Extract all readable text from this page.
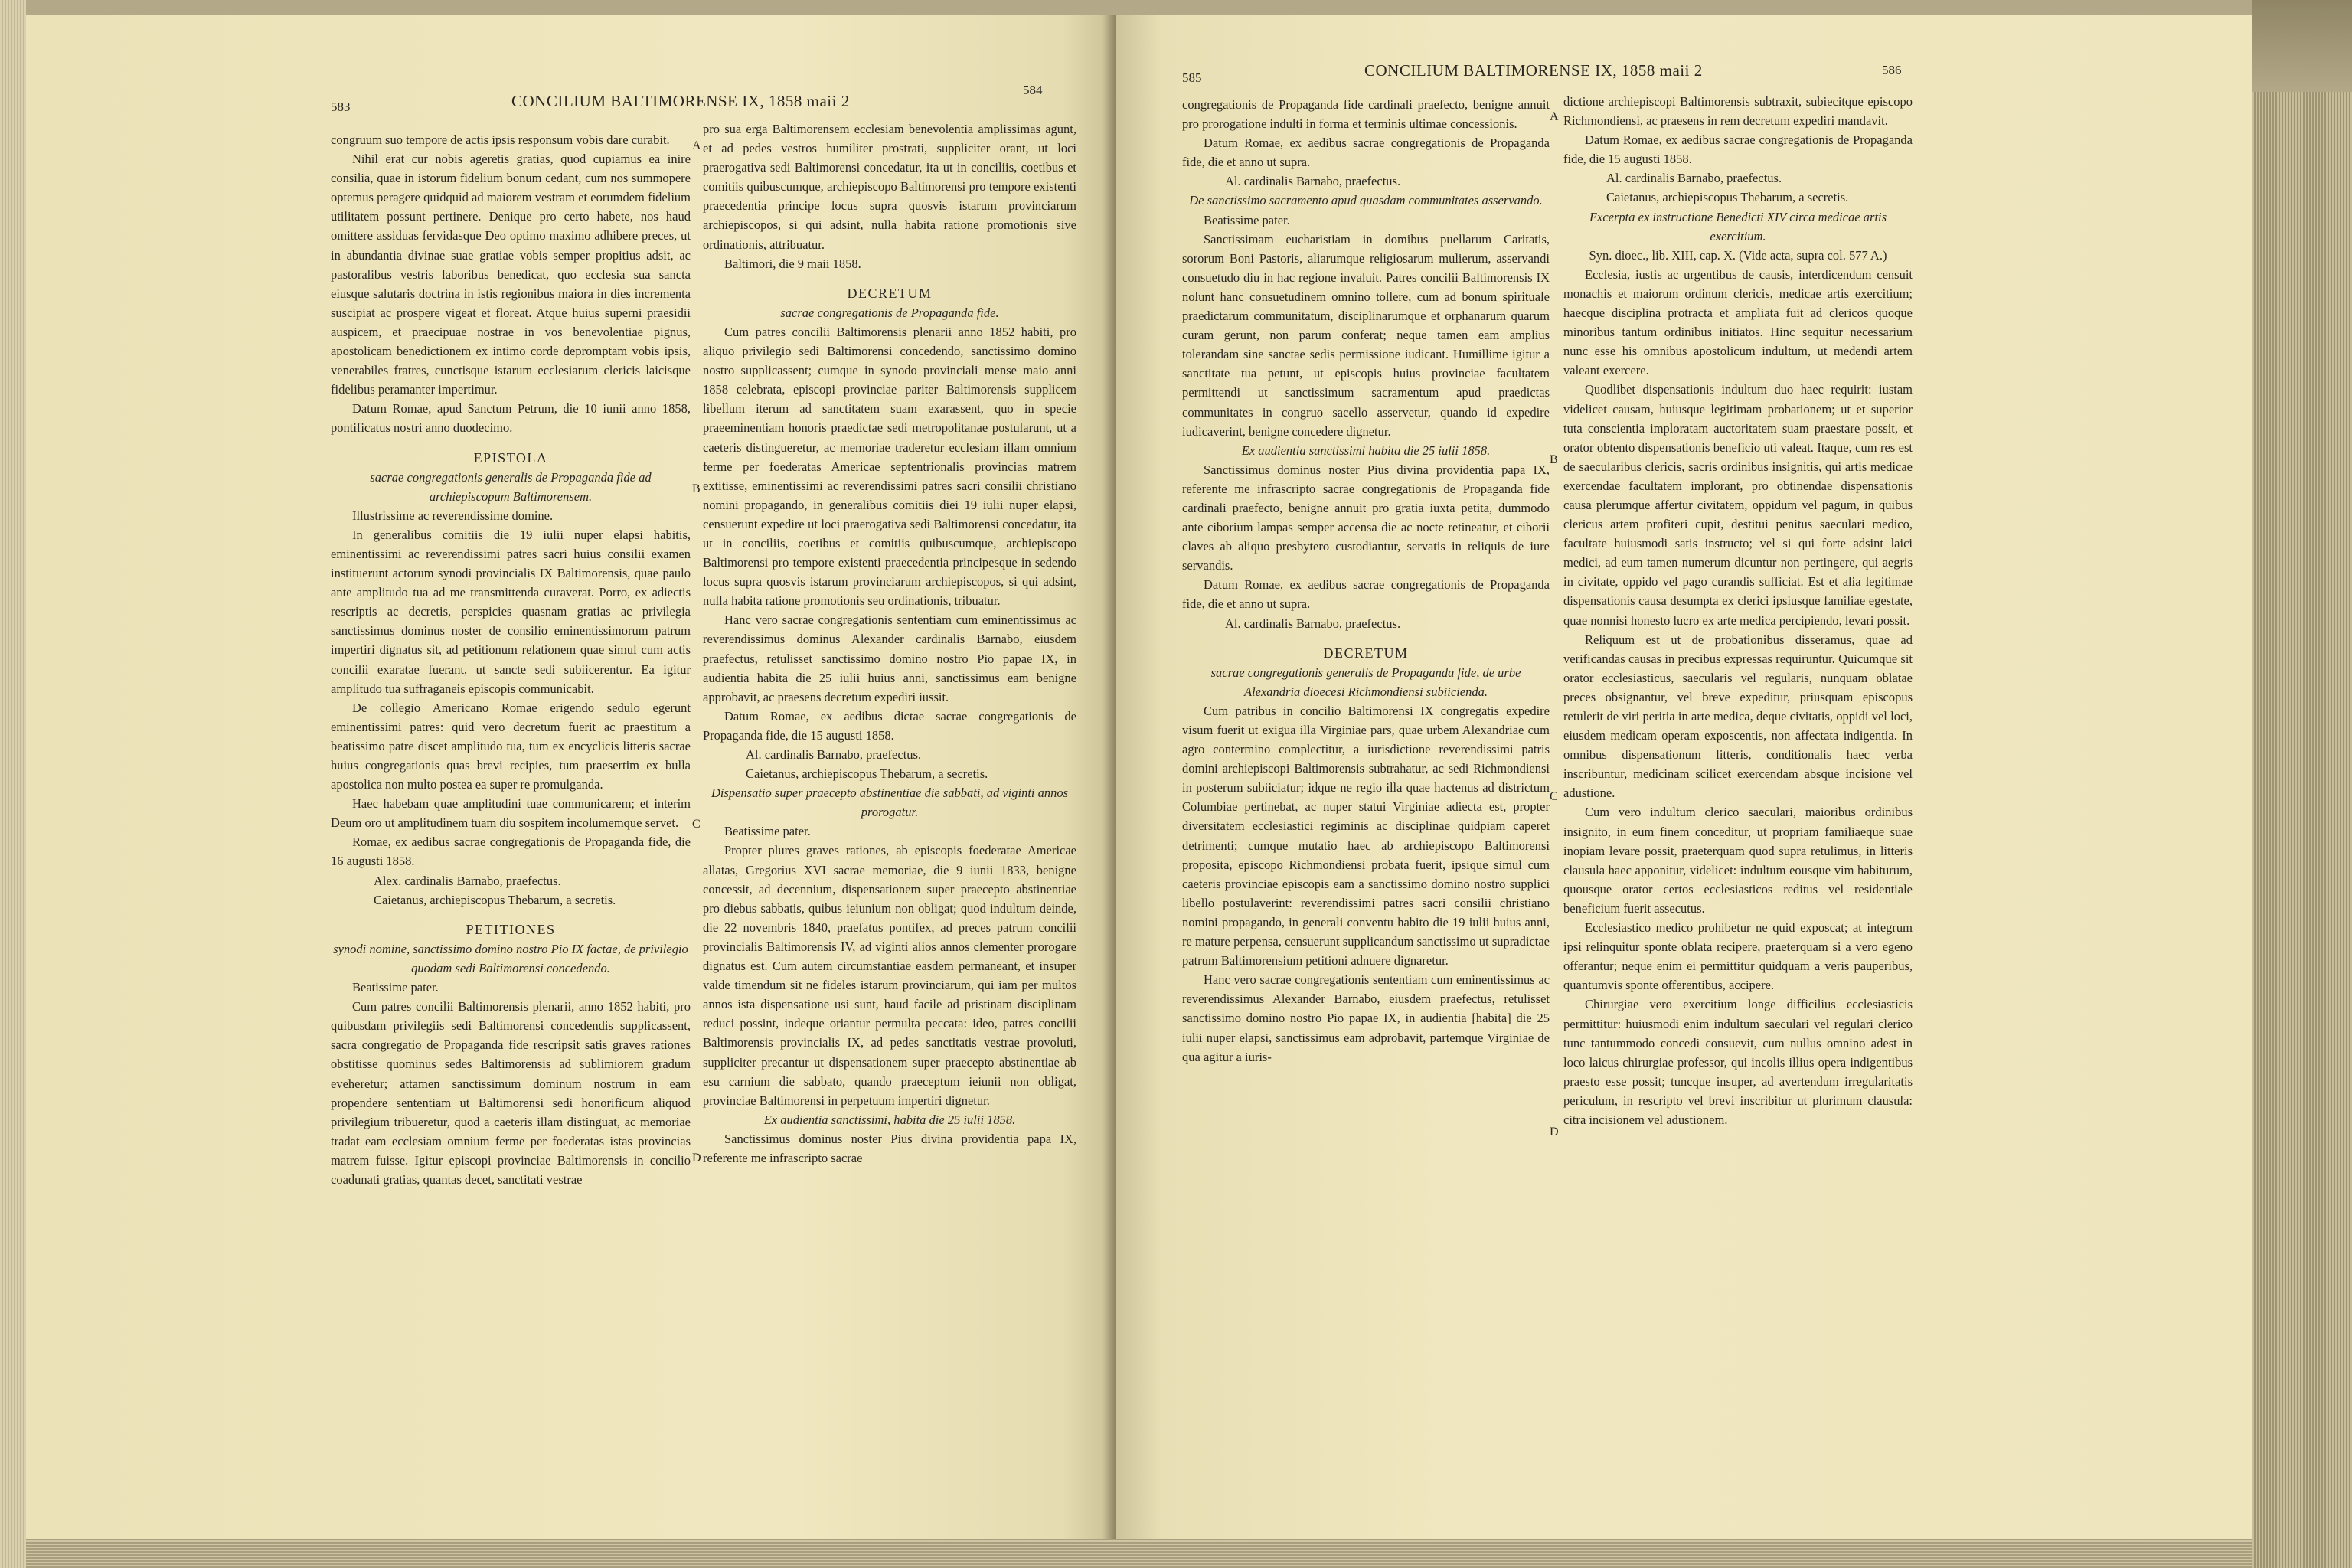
583	CONCILIUM BALTIMORENSE IX, 1858 maii 2
584

congruum suo tempore de actis ipsis responsum vobis dare curabit.

Nihil erat cur nobis ageretis gratias, quod cupiamus ea inire consilia, quae in istorum fidelium bonum cedant, cum nos summopere optemus peragere quidquid ad maiorem vestram et eorumdem fidelium utilitatem possunt pertinere. Denique pro certo habete, nos haud omittere assiduas fervidasque Deo optimo maximo adhibere preces, ut in abundantia divinae suae gratiae vobis semper propitius adsit, ac pastoralibus vestris laboribus benedicat, quo ecclesia sua sancta eiusque salutaris doctrina in istis regionibus maiora in dies incrementa suscipiat ac prospere vigeat et floreat. Atque huius superni praesidii auspicem, et praecipuae nostrae in vos benevolentiae pignus, apostolicam benedictionem ex intimo corde depromptam vobis ipsis, venerabiles fratres, cunctisque istarum ecclesiarum clericis laicisque fidelibus peramanter impertimur.

Datum Romae, apud Sanctum Petrum, die 10 iunii anno 1858, pontificatus nostri anno duodecimo.

EPISTOLA

sacrae congregationis generalis de Propaganda fide ad archiepiscopum Baltimorensem.

Illustrissime ac reverendissime domine.

In generalibus comitiis die 19 iulii nuper elapsi habitis, eminentissimi ac reverendissimi patres sacri huius consilii examen instituerunt actorum synodi provincialis IX Baltimorensis, quae paulo ante amplitudo tua ad me transmittenda curaverat. Porro, ex adiectis rescriptis ac decretis, perspicies quasnam gratias ac privilegia sanctissimus dominus noster de consilio eminentissimorum patrum impertiri dignatus sit, ad petitionum relationem quae simul cum actis concilii exaratae fuerant, ut sancte sedi subiicerentur. Ea igitur amplitudo tua suffraganeis episcopis communicabit.

De collegio Americano Romae erigendo sedulo egerunt eminentissimi patres: quid vero decretum fuerit ac praestitum a beatissimo patre discet amplitudo tua, tum ex encyclicis litteris sacrae huius congregationis quas brevi recipies, tum praesertim ex bulla apostolica non multo postea ea super re promulganda.

Haec habebam quae amplitudini tuae communicarem; et interim Deum oro ut amplitudinem tuam diu sospitem incolumemque servet.

Romae, ex aedibus sacrae congregationis de Propaganda fide, die 16 augusti 1858.

Alex. cardinalis Barnabo, praefectus.

Caietanus, archiepiscopus Thebarum, a secretis.

PETITIONES

synodi nomine, sanctissimo domino nostro Pio IX factae, de privilegio quodam sedi Baltimorensi concedendo.

Beatissime pater.

Cum patres concilii Baltimorensis plenarii, anno 1852 habiti, pro quibusdam privilegiis sedi Baltimorensi concedendis supplicassent, sacra congregatio de Propaganda fide rescripsit satis graves rationes obstitisse quominus sedes Baltimorensis ad sublimiorem gradum eveheretur; attamen sanctissimum dominum nostrum in eam propendere sententiam ut Baltimorensi sedi honorificum aliquod privilegium tribueretur, quod a caeteris illam distinguat, ac memoriae tradat eam ecclesiam omnium ferme per foederatas istas provincias matrem fuisse. Igitur episcopi provinciae Baltimorensis in concilio coadunati gratias, quantas decet, sanctitati vestrae

pro sua erga Baltimorensem ecclesiam benevolentia amplissimas agunt, et ad pedes vestros humiliter prostrati, suppliciter orant, ut loci praerogativa sedi Baltimorensi concedatur, ita ut in conciliis, coetibus et comitiis quibuscumque, archiepiscopo Baltimorensi pro tempore existenti praecedentia principe locus supra quosvis istarum provinciarum archiepiscopos, si qui adsint, nulla habita ratione promotionis sive ordinationis, attribuatur.

Baltimori, die 9 maii 1858.

DECRETUM

sacrae congregationis de Propaganda fide.

Cum patres concilii Baltimorensis plenarii anno 1852 habiti, pro aliquo privilegio sedi Baltimorensi concedendo, sanctissimo domino nostro supplicassent; cumque in synodo provinciali mense maio anni 1858 celebrata, episcopi provinciae pariter Baltimorensis supplicem libellum iterum ad sanctitatem suam exarassent, quo in specie praeeminentiam honoris praedictae sedi metropolitanae postularunt, ut a caeteris distingueretur, ac memoriae traderetur ecclesiam illam omnium ferme per foederatas Americae septentrionalis provincias matrem extitisse, eminentissimi ac reverendissimi patres sacri consilii christiano nomini propagando, in generalibus comitiis diei 19 iulii nuper elapsi, censuerunt expedire ut loci praerogativa sedi Baltimorensi concedatur, ita ut in conciliis, coetibus et comitiis quibuscumque, archiepiscopo Baltimorensi pro tempore existenti praecedentia principesque in sedendo locus supra quosvis istarum provinciarum archiepiscopos, si qui adsint, nulla habita ratione promotionis seu ordinationis, tribuatur.

Hanc vero sacrae congregationis sententiam cum eminentissimus ac reverendissimus dominus Alexander cardinalis Barnabo, eiusdem praefectus, retulisset sanctissimo domino nostro Pio papae IX, in audientia habita die 25 iulii huius anni, sanctissimus eam benigne approbavit, ac praesens decretum expediri iussit.

Datum Romae, ex aedibus dictae sacrae congregationis de Propaganda fide, die 15 augusti 1858.

Al. cardinalis Barnabo, praefectus.

Caietanus, archiepiscopus Thebarum, a secretis.

Dispensatio super praecepto abstinentiae die sabbati, ad viginti annos prorogatur.

Beatissime pater.

Propter plures graves rationes, ab episcopis foederatae Americae allatas, Gregorius XVI sacrae memoriae, die 9 iunii 1833, benigne concessit, ad decennium, dispensationem super praecepto abstinentiae pro diebus sabbatis, quibus ieiunium non obligat; quod indultum deinde, die 22 novembris 1840, praefatus pontifex, ad preces patrum concilii provincialis Baltimorensis IV, ad viginti alios annos clementer prorogare dignatus est. Cum autem circumstantiae easdem permaneant, et insuper valde timendum sit ne fideles istarum provinciarum, qui iam per multos annos ista dispensatione usi sunt, haud facile ad pristinam disciplinam reduci possint, indeque oriantur permulta peccata: ideo, patres concilii Baltimorensis provincialis IX, ad pedes sanctitatis vestrae provoluti, suppliciter precantur ut dispensationem super praecepto abstinentiae ab esu carnium die sabbato, quando praeceptum ieiunii non obligat, provinciae Baltimorensi in perpetuum impertiri dignetur.

Ex audientia sanctissimi, habita die 25 iulii 1858.

Sanctissimus dominus noster Pius divina providentia papa IX, referente me infrascripto sacrae

A
B
C
D
585	CONCILIUM BALTIMORENSE IX, 1858 maii 2	586

congregationis de Propaganda fide cardinali praefecto, benigne annuit pro prorogatione indulti in forma et terminis ultimae concessionis.

Datum Romae, ex aedibus sacrae congregationis de Propaganda fide, die et anno ut supra.

Al. cardinalis Barnabo, praefectus.

De sanctissimo sacramento apud quasdam communitates asservando.

Beatissime pater.

Sanctissimam eucharistiam in domibus puellarum Caritatis, sororum Boni Pastoris, aliarumque religiosarum mulierum, asservandi consuetudo diu in hac regione invaluit. Patres concilii Baltimorensis IX nolunt hanc consuetudinem omnino tollere, cum ad bonum spirituale praedictarum communitatum, disciplinarumque et orphanarum quarum curam gerunt, non parum conferat; neque tamen eam amplius tolerandam sine sanctae sedis permissione iudicant. Humillime igitur a sanctitate tua petunt, ut episcopis huius provinciae facultatem permittendi ut sanctissimum sacramentum apud praedictas communitates in congruo sacello asservetur, quando id expedire iudicaverint, benigne concedere dignetur.

Ex audientia sanctissimi habita die 25 iulii 1858.

Sanctissimus dominus noster Pius divina providentia papa IX, referente me infrascripto sacrae congregationis de Propaganda fide cardinali praefecto, benigne annuit pro gratia iuxta petita, dummodo ante ciborium lampas semper accensa die ac nocte retineatur, et ciborii claves ab aliquo presbytero custodiantur, servatis in reliquis de iure servandis.

Datum Romae, ex aedibus sacrae congregationis de Propaganda fide, die et anno ut supra.

Al. cardinalis Barnabo, praefectus.

DECRETUM

sacrae congregationis generalis de Propaganda fide, de urbe Alexandria dioecesi Richmondiensi subiicienda.

Cum patribus in concilio Baltimorensi IX congregatis expedire visum fuerit ut exigua illa Virginiae pars, quae urbem Alexandriae cum agro contermino complectitur, a iurisdictione reverendissimi patris domini archiepiscopi Baltimorensis subtrahatur, ac sedi Richmondiensi in posterum subiiciatur; idque ne regio illa quae hactenus ad districtum Columbiae pertinebat, ac nuper statui Virginiae adiecta est, propter diversitatem ecclesiastici regiminis ac disciplinae quidpiam caperet detrimenti; cumque mutatio haec ab archiepiscopo Baltimorensi proposita, episcopo Richmondiensi probata fuerit, ipsique simul cum caeteris provinciae episcopis eam a sanctissimo domino nostro supplici libello postulaverint: reverendissimi patres sacri consilii christiano nomini propagando, in generali conventu habito die 19 iulii huius anni, re mature perpensa, censuerunt supplicandum sanctissimo ut supradictae patrum Baltimorensium petitioni adnuere dignaretur.

Hanc vero sacrae congregationis sententiam cum eminentissimus ac reverendissimus Alexander Barnabo, eiusdem praefectus, retulisset sanctissimo domino nostro Pio papae IX, in audientia [habita] die 25 iulii nuper elapsi, sanctissimus eam adprobavit, partemque Virginiae de qua agitur a iuris-

dictione archiepiscopi Baltimorensis subtraxit, subiecitque episcopo Richmondiensi, ac praesens in rem decretum expediri mandavit.

Datum Romae, ex aedibus sacrae congregationis de Propaganda fide, die 15 augusti 1858.

Al. cardinalis Barnabo, praefectus.

Caietanus, archiepiscopus Thebarum, a secretis.

Excerpta ex instructione Benedicti XIV circa medicae artis exercitium.

Syn. dioec., lib. XIII, cap. X. (Vide acta, supra col. 577 A.)

Ecclesia, iustis ac urgentibus de causis, interdicendum censuit monachis et maiorum ordinum clericis, medicae artis exercitium; haecque disciplina protracta et ampliata fuit ad clericos quoque minoribus tantum ordinibus initiatos. Hinc sequitur necessarium nunc esse his omnibus apostolicum indultum, ut medendi artem valeant exercere.

Quodlibet dispensationis indultum duo haec requirit: iustam videlicet causam, huiusque legitimam probationem; ut et superior tuta conscientia imploratam auctoritatem suam praestare possit, et orator obtento dispensationis beneficio uti valeat. Itaque, cum res est de saecularibus clericis, sacris ordinibus insignitis, qui artis medicae exercendae facultatem implorant, pro obtinendae dispensationis causa plerumque affertur civitatem, oppidum vel pagum, in quibus clericus artem profiteri cupit, destitui penitus saeculari medico, facultate huiusmodi satis instructo; vel si qui forte adsint laici medici, ad eum tamen numerum dicuntur non pertingere, qui aegris in civitate, oppido vel pago curandis sufficiat. Est et alia legitimae dispensationis causa desumpta ex clerici ipsiusque familiae egestate, quae nonnisi honesto lucro ex arte medica percipiendo, levari possit.

Reliquum est ut de probationibus disseramus, quae ad verificandas causas in precibus expressas requiruntur. Quicumque sit orator ecclesiasticus, saecularis vel regularis, nunquam oblatae preces obsignantur, vel breve expeditur, priusquam episcopus retulerit de viri peritia in arte medica, deque civitatis, oppidi vel loci, eiusdem medicam operam exposcentis, non affectata indigentia. In omnibus dispensationum litteris, conditionalis haec verba inscribuntur, medicinam scilicet exercendam absque incisione vel adustione.

Cum vero indultum clerico saeculari, maioribus ordinibus insignito, in eum finem conceditur, ut propriam familiaeque suae inopiam levare possit, praeterquam quod supra retulimus, in litteris clausula haec apponitur, videlicet: indultum eousque vim habiturum, quousque orator certos ecclesiasticos reditus vel residentiale beneficium fuerit assecutus.

Ecclesiastico medico prohibetur ne quid exposcat; at integrum ipsi relinquitur sponte oblata recipere, praeterquam si a vero egeno offerantur; neque enim ei permittitur quidquam a veris pauperibus, quantumvis sponte offerentibus, accipere.

Chirurgiae vero exercitium longe difficilius ecclesiasticis permittitur: huiusmodi enim indultum saeculari vel regulari clerico tunc tantummodo concedi consuevit, cum nullus omnino adest in loco laicus chirurgiae professor, qui incolis illius opera indigentibus praesto esse possit; tuncque insuper, ad avertendum irregularitatis periculum, in rescripto vel brevi inscribitur ut plurimum clausula: citra incisionem vel adustionem.

A
B
C
D
